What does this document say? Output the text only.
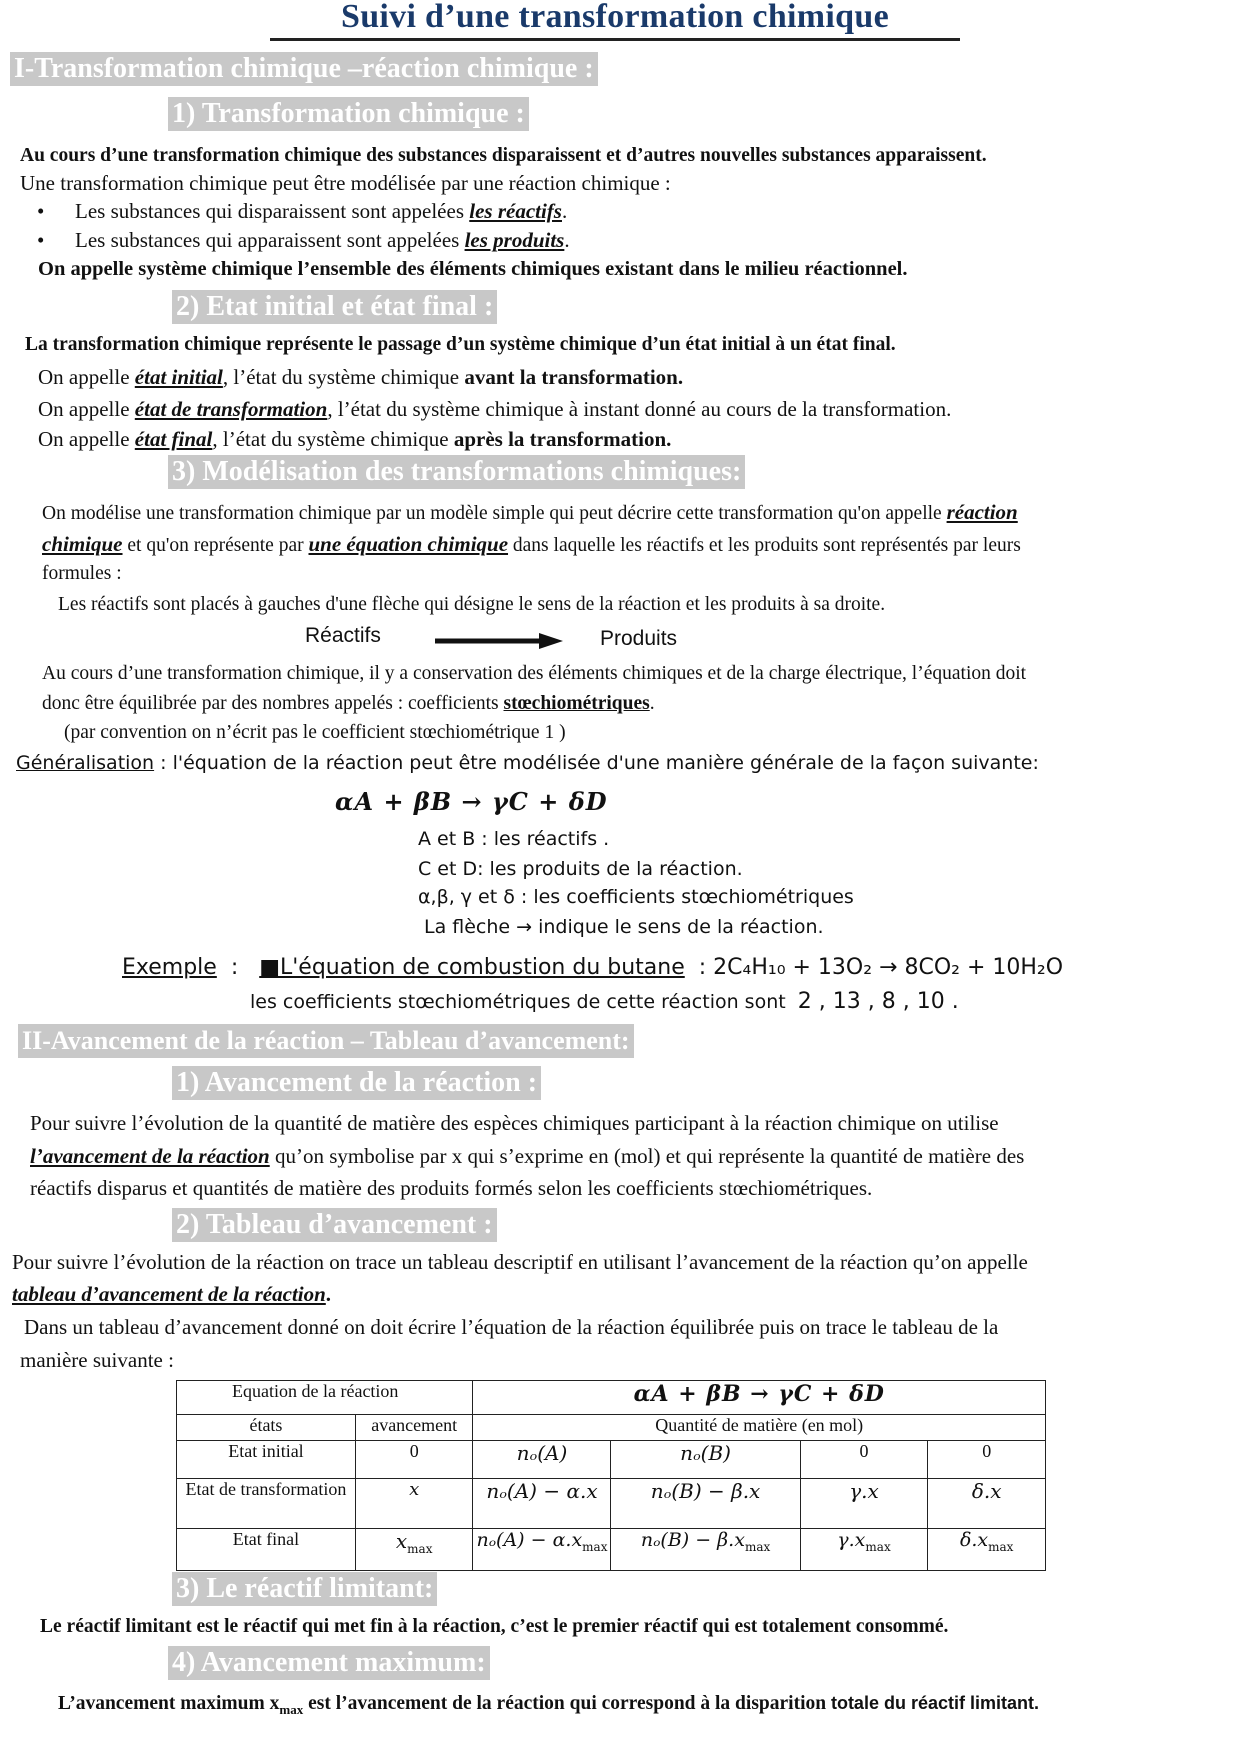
Suivi d’une transformation chimique
I-Transformation chimique –réaction chimique :
1) Transformation chimique :
Au cours d’une transformation chimique des substances disparaissent et d’autres nouvelles substances apparaissent.
Une transformation chimique peut être modélisée par une réaction chimique :
• Les substances qui disparaissent sont appelées les réactifs.
• Les substances qui apparaissent sont appelées les produits.
On appelle système chimique l’ensemble des éléments chimiques existant dans le milieu réactionnel.
2) Etat initial et état final :
La transformation chimique représente le passage d’un système chimique d’un état initial à un état final.
On appelle état initial, l’état du système chimique avant la transformation.
On appelle état de transformation, l’état du système chimique à instant donné au cours de la transformation.
On appelle état final, l’état du système chimique après la transformation.
3) Modélisation des transformations chimiques:
On modélise une transformation chimique par un modèle simple qui peut décrire cette transformation qu'on appelle réaction
chimique et qu'on représente par une équation chimique dans laquelle les réactifs et les produits sont représentés par leurs
formules :
Les réactifs sont placés à gauches d'une flèche qui désigne le sens de la réaction et les produits à sa droite.
Réactifs	Produits
Au cours d’une transformation chimique, il y a conservation des éléments chimiques et de la charge électrique, l’équation doit
donc être équilibrée par des nombres appelés : coefficients stœchiométriques.
(par convention on n’écrit pas le coefficient stœchiométrique 1 )
Généralisation : l'équation de la réaction peut être modélisée d'une manière générale de la façon suivante:
αA + βB → γC + δD
A et B : les réactifs .
C et D: les produits de la réaction.
α,β, γ et δ : les coefficients stœchiométriques
La flèche → indique le sens de la réaction.
Exemple  :   ■L'équation de combustion du butane : 2C₄H₁₀ + 13O₂ → 8CO₂ + 10H₂O
les coefficients stœchiométriques de cette réaction sont 2 , 13 , 8 , 10 .
II-Avancement de la réaction – Tableau d’avancement:
1) Avancement de la réaction :
Pour suivre l’évolution de la quantité de matière des espèces chimiques participant à la réaction chimique on utilise
l’avancement de la réaction qu’on symbolise par x qui s’exprime en (mol) et qui représente la quantité de matière des
réactifs disparus et quantités de matière des produits formés selon les coefficients stœchiométriques.
2) Tableau d’avancement :
Pour suivre l’évolution de la réaction on trace un tableau descriptif en utilisant l’avancement de la réaction qu’on appelle
tableau d’avancement de la réaction.
Dans un tableau d’avancement donné on doit écrire l’équation de la réaction équilibrée puis on trace le tableau de la
manière suivante :
Equation de la réaction		αA + βB → γC + δD			
états	avancement	Quantité de matière (en mol)			
Etat initial	0	nₒ(A)	nₒ(B)	0	0
Etat de transformation	x	nₒ(A) − α.x	nₒ(B) − β.x	γ.x	δ.x
Etat final	$x_{max}$	$n_o(A) - \alpha.x_{max}$	$n_o(B) - \beta.x_{max}$	$\gamma.x_{max}$	$\delta.x_{max}$
3) Le réactif limitant:
Le réactif limitant est le réactif qui met fin à la réaction, c’est le premier réactif qui est totalement consommé.
4) Avancement maximum:
L’avancement maximum $x_{max}$ est l’avancement de la réaction qui correspond à la disparition totale du réactif limitant.
